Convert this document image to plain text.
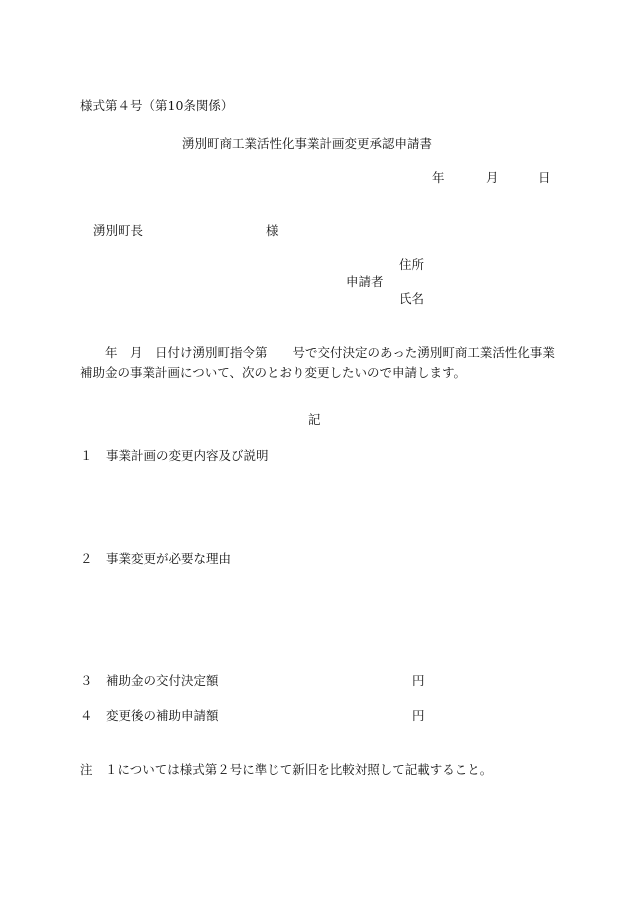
様式第４号（第10条関係）
湧別町商工業活性化事業計画変更承認申請書
年	月	日
湧別町長	様
住所
申請者
氏名
年　月　日付け湧別町指令第　　号で交付決定のあった湧別町商工業活性化事業補助金の事業計画について、次のとおり変更したいので申請します。
記
１ 事業計画の変更内容及び説明
２ 事業変更が必要な理由
３ 補助金の交付決定額	円
４ 変更後の補助申請額	円
注　１については様式第２号に準じて新旧を比較対照して記載すること。
